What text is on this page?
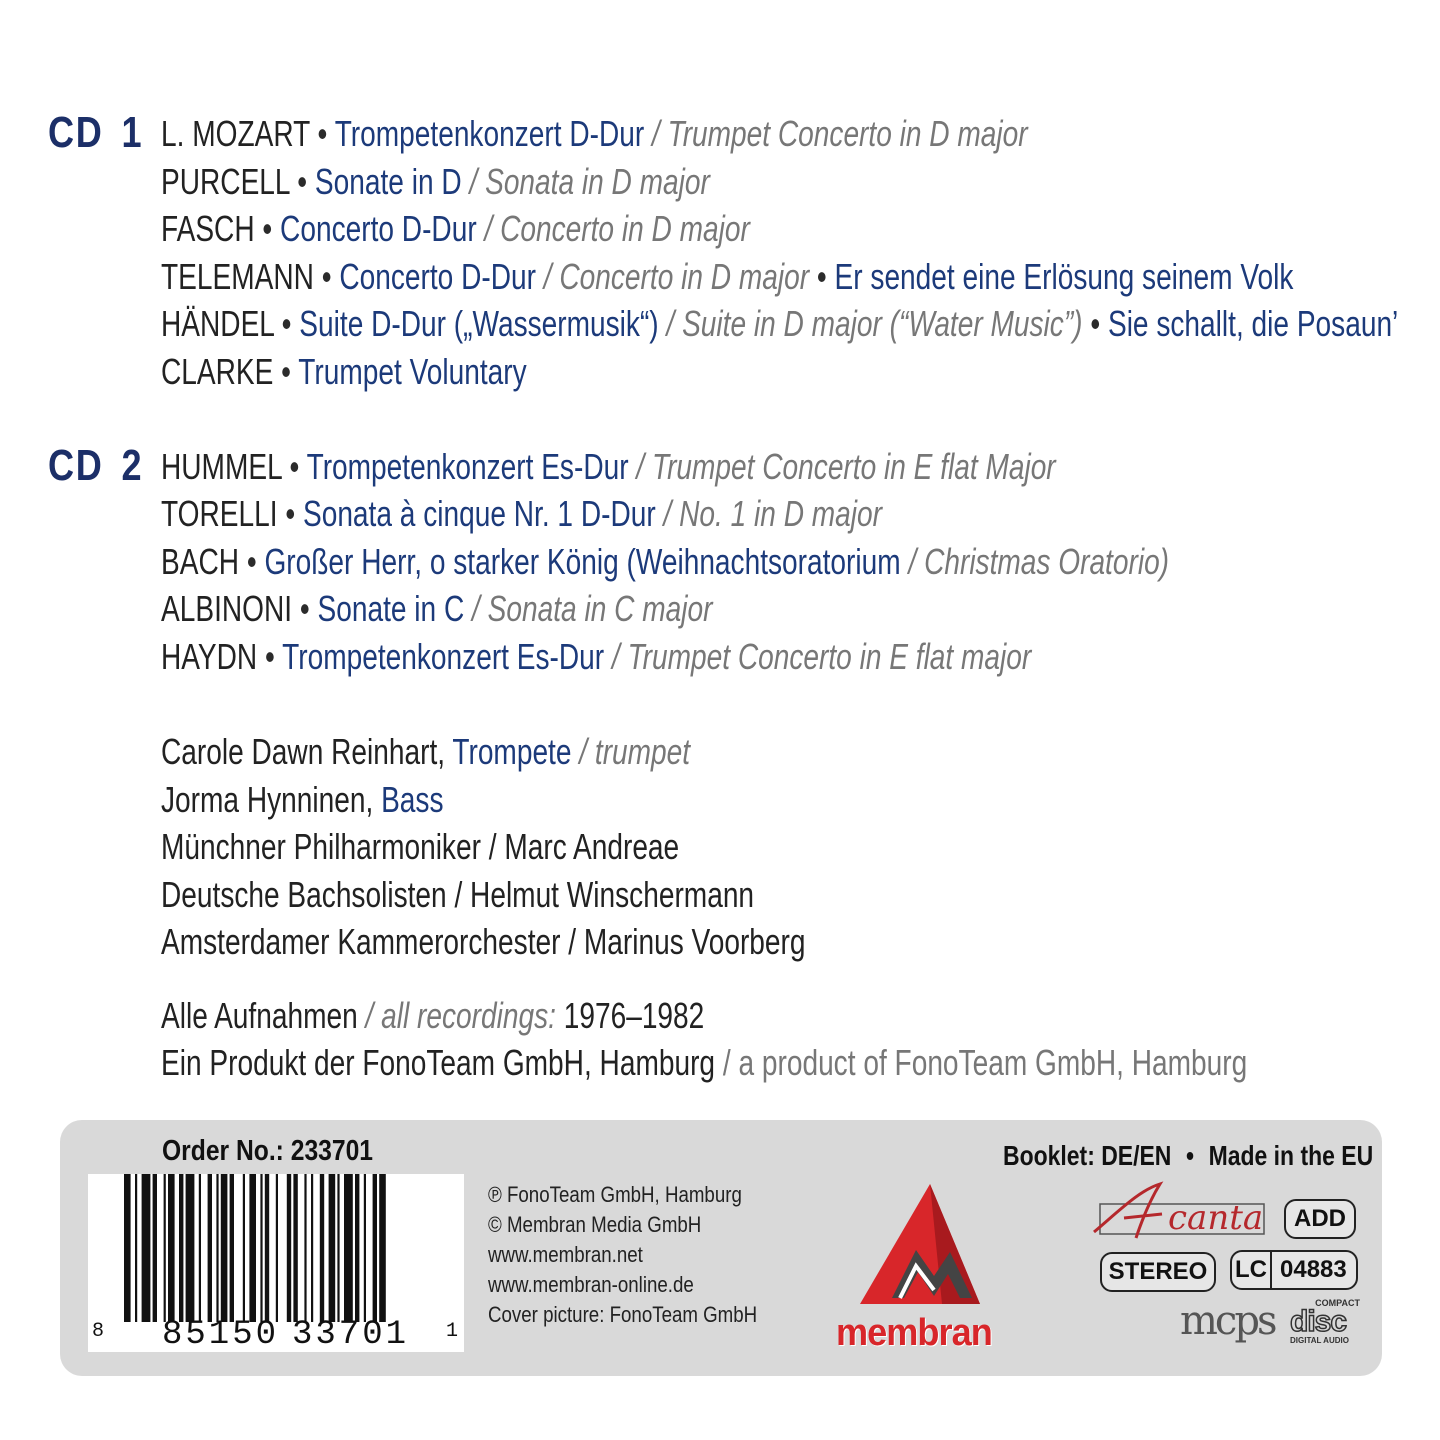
CD 1 L. MOZART • Trompetenkonzert D-Dur / Trumpet Concerto in D major
PURCELL • Sonate in D / Sonata in D major
FASCH • Concerto D-Dur / Concerto in D major
TELEMANN • Concerto D-Dur / Concerto in D major • Er sendet eine Erlösung seinem Volk
HÄNDEL • Suite D-Dur („Wassermusik“) / Suite in D major (“Water Music”) • Sie schallt, die Posaun’
CLARKE • Trumpet Voluntary
CD 2 HUMMEL • Trompetenkonzert Es-Dur / Trumpet Concerto in E flat Major
TORELLI • Sonata à cinque Nr. 1 D-Dur / No. 1 in D major
BACH • Großer Herr, o starker König (Weihnachtsoratorium / Christmas Oratorio)
ALBINONI • Sonate in C / Sonata in C major
HAYDN • Trompetenkonzert Es-Dur / Trumpet Concerto in E flat major
Carole Dawn Reinhart, Trompete / trumpet
Jorma Hynninen, Bass
Münchner Philharmoniker / Marc Andreae
Deutsche Bachsolisten / Helmut Winschermann
Amsterdamer Kammerorchester / Marinus Voorberg
Alle Aufnahmen / all recordings: 1976–1982
Ein Produkt der FonoTeam GmbH, Hamburg / a product of FonoTeam GmbH, Hamburg
Order No.: 233701	Booklet: DE/EN • Made in the EU
8 85150 33701 1
℗ FonoTeam GmbH, Hamburg
© Membran Media GmbH
www.membran.net
www.membran-online.de
Cover picture: FonoTeam GmbH membran
canta	ADD
STEREO	LC 04883
mcps	COMPACT
disc
DIGITAL AUDIO
